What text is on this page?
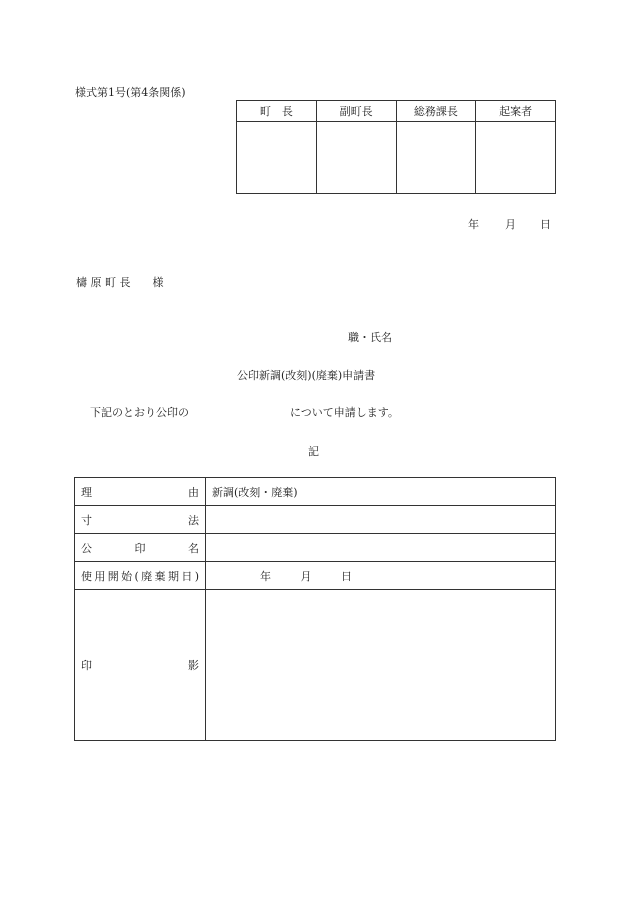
様式第1号(第4条関係)
町　長	副町長	総務課長	起案者

年 月 日
檮 原 町 長　　様
職・氏名
公印新調(改刻)(廃棄)申請書
下記のとおり公印の	について申請します。
記
理　　由	新調(改刻・廃棄)
寸　　法	
公　印　名	
使用開始(廃棄期日)	年 月 日
印　　影	
